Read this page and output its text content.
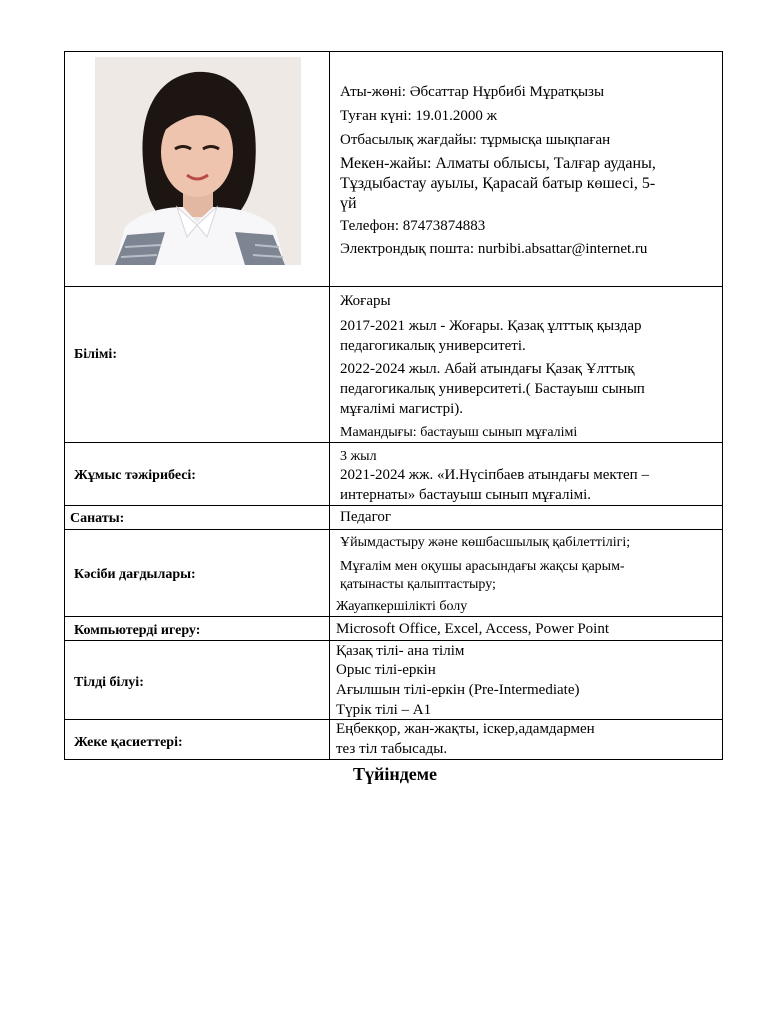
Аты-жөні: Әбсаттар Нұрбибі Мұратқызы
Туған күні: 19.01.2000 ж
Отбасылық жағдайы: тұрмысқа шықпаған
Мекен-жайы: Алматы облысы, Талғар ауданы,
Тұздыбастау ауылы, Қарасай батыр көшесі, 5-
үй
Телефон: 87473874883
Электрондық пошта: nurbibi.absattar@internet.ru
Білімі:
Жоғары
2017-2021 жыл - Жоғары. Қазақ ұлттық қыздар
педагогикалық университеті.
2022-2024 жыл. Абай атындағы Қазақ Ұлттық
педагогикалық университеті.( Бастауыш сынып
мұғалімі магистрі).
Мамандығы: бастауыш сынып мұғалімі
Жұмыс тәжірибесі:
3 жыл
2021-2024 жж. «И.Нүсіпбаев атындағы мектеп –
интернаты» бастауыш сынып мұғалімі.
Санаты:	Педагог
Кәсіби дағдылары:
Ұйымдастыру және көшбасшылық қабілеттілігі;
Мұғалім мен оқушы арасындағы жақсы қарым-
қатынасты қалыптастыру;
Жауапкершілікті болу
Компьютерді игеру:	Microsoft Office, Excel, Access, Power Point
Тілді білуі:
Қазақ тілі- ана тілім
Орыс тілі-еркін
Ағылшын тілі-еркін (Pre-Intermediate)
Түрік тілі – A1
Жеке қасиеттері:
Еңбекқор, жан-жақты, іскер,адамдармен
тез тіл табысады.
Түйіндеме
